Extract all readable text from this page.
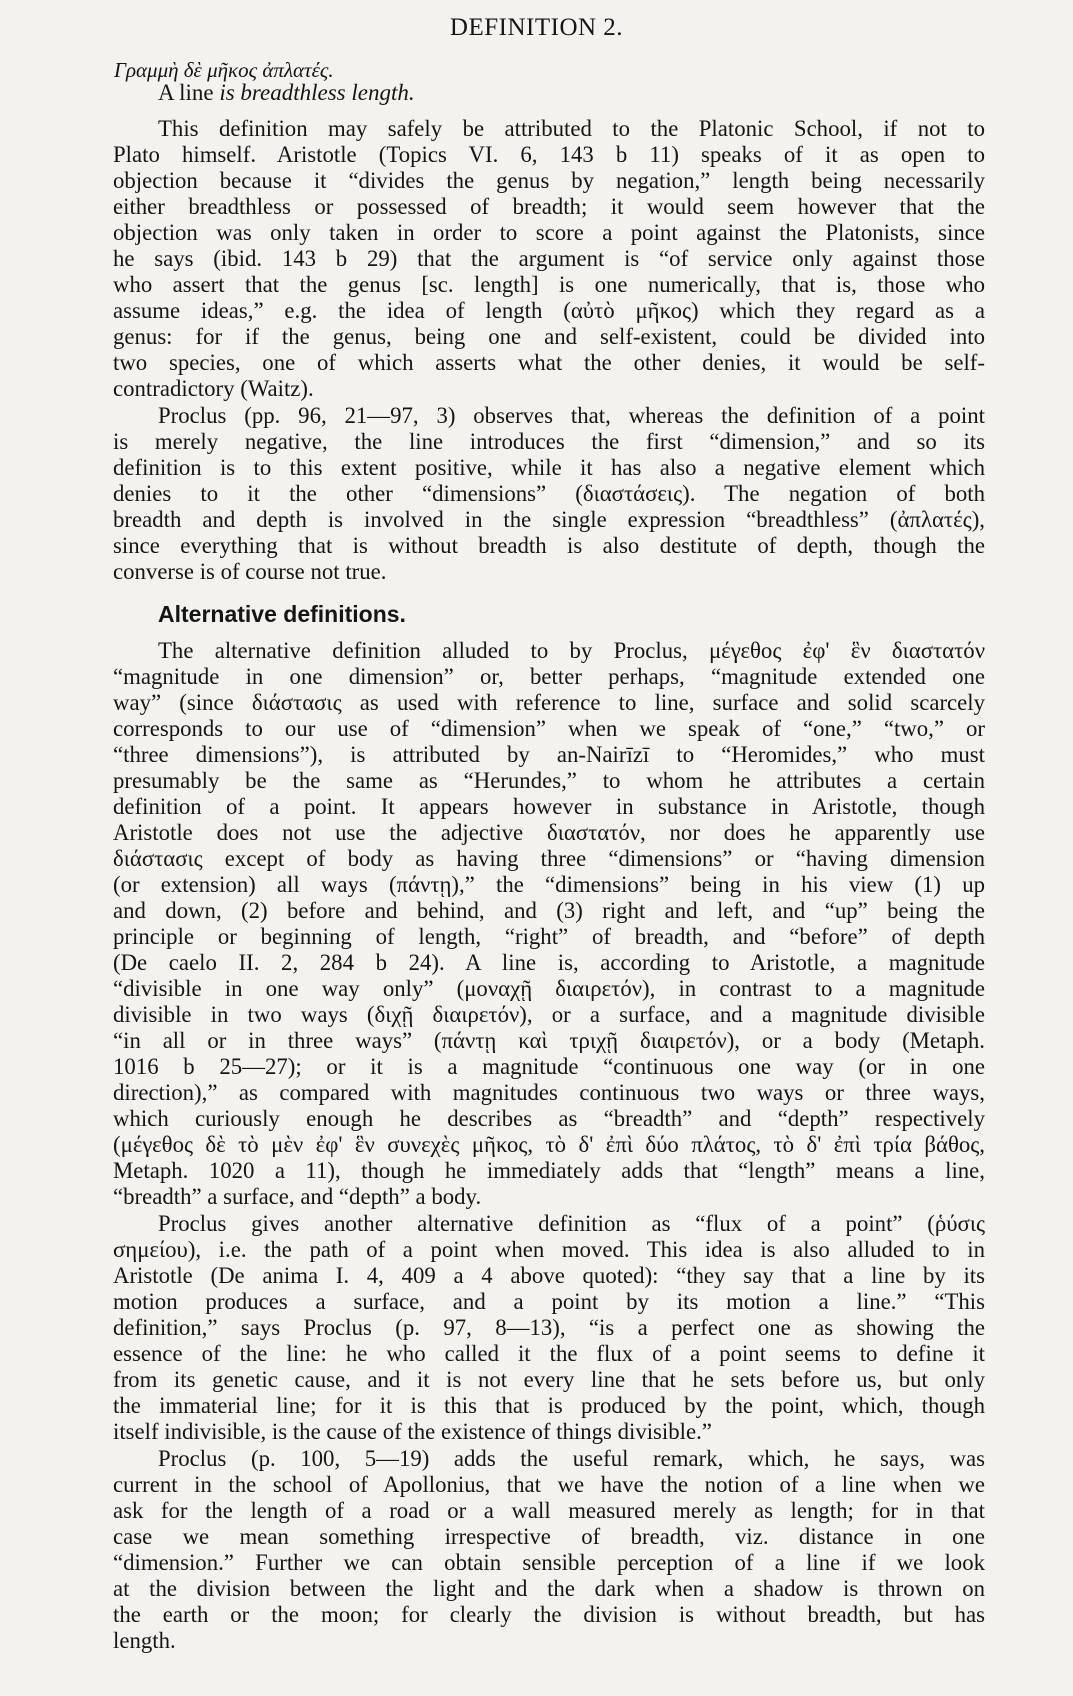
DEFINITION 2.
Γραμμὴ δὲ μῆκος ἀπλατές.
A line is breadthless length.
This definition may safely be attributed to the Platonic School, if not to
Plato himself. Aristotle (Topics VI. 6, 143 b 11) speaks of it as open to
objection because it “divides the genus by negation,” length being necessarily
either breadthless or possessed of breadth; it would seem however that the
objection was only taken in order to score a point against the Platonists, since
he says (ibid. 143 b 29) that the argument is “of service only against those
who assert that the genus [sc. length] is one numerically, that is, those who
assume ideas,” e.g. the idea of length (αὐτὸ μῆκος) which they regard as a
genus: for if the genus, being one and self-existent, could be divided into
two species, one of which asserts what the other denies, it would be self-
contradictory (Waitz).
Proclus (pp. 96, 21—97, 3) observes that, whereas the definition of a point
is merely negative, the line introduces the first “dimension,” and so its
definition is to this extent positive, while it has also a negative element which
denies to it the other “dimensions” (διαστάσεις). The negation of both
breadth and depth is involved in the single expression “breadthless” (ἀπλατές),
since everything that is without breadth is also destitute of depth, though the
converse is of course not true.
Alternative definitions.
The alternative definition alluded to by Proclus, μέγεθος ἐφ' ἓν διαστατόν
“magnitude in one dimension” or, better perhaps, “magnitude extended one
way” (since διάστασις as used with reference to line, surface and solid scarcely
corresponds to our use of “dimension” when we speak of “one,” “two,” or
“three dimensions”), is attributed by an-Nairīzī to “Heromides,” who must
presumably be the same as “Herundes,” to whom he attributes a certain
definition of a point. It appears however in substance in Aristotle, though
Aristotle does not use the adjective διαστατόν, nor does he apparently use
διάστασις except of body as having three “dimensions” or “having dimension
(or extension) all ways (πάντῃ),” the “dimensions” being in his view (1) up
and down, (2) before and behind, and (3) right and left, and “up” being the
principle or beginning of length, “right” of breadth, and “before” of depth
(De caelo II. 2, 284 b 24). A line is, according to Aristotle, a magnitude
“divisible in one way only” (μοναχῇ διαιρετόν), in contrast to a magnitude
divisible in two ways (διχῇ διαιρετόν), or a surface, and a magnitude divisible
“in all or in three ways” (πάντῃ καὶ τριχῇ διαιρετόν), or a body (Metaph.
1016 b 25—27); or it is a magnitude “continuous one way (or in one
direction),” as compared with magnitudes continuous two ways or three ways,
which curiously enough he describes as “breadth” and “depth” respectively
(μέγεθος δὲ τὸ μὲν ἐφ' ἓν συνεχὲς μῆκος, τὸ δ' ἐπὶ δύο πλάτος, τὸ δ' ἐπὶ τρία βάθος,
Metaph. 1020 a 11), though he immediately adds that “length” means a line,
“breadth” a surface, and “depth” a body.
Proclus gives another alternative definition as “flux of a point” (ῥύσις
σημείου), i.e. the path of a point when moved. This idea is also alluded to in
Aristotle (De anima I. 4, 409 a 4 above quoted): “they say that a line by its
motion produces a surface, and a point by its motion a line.” “This
definition,” says Proclus (p. 97, 8—13), “is a perfect one as showing the
essence of the line: he who called it the flux of a point seems to define it
from its genetic cause, and it is not every line that he sets before us, but only
the immaterial line; for it is this that is produced by the point, which, though
itself indivisible, is the cause of the existence of things divisible.”
Proclus (p. 100, 5—19) adds the useful remark, which, he says, was
current in the school of Apollonius, that we have the notion of a line when we
ask for the length of a road or a wall measured merely as length; for in that
case we mean something irrespective of breadth, viz. distance in one
“dimension.” Further we can obtain sensible perception of a line if we look
at the division between the light and the dark when a shadow is thrown on
the earth or the moon; for clearly the division is without breadth, but has
length.
